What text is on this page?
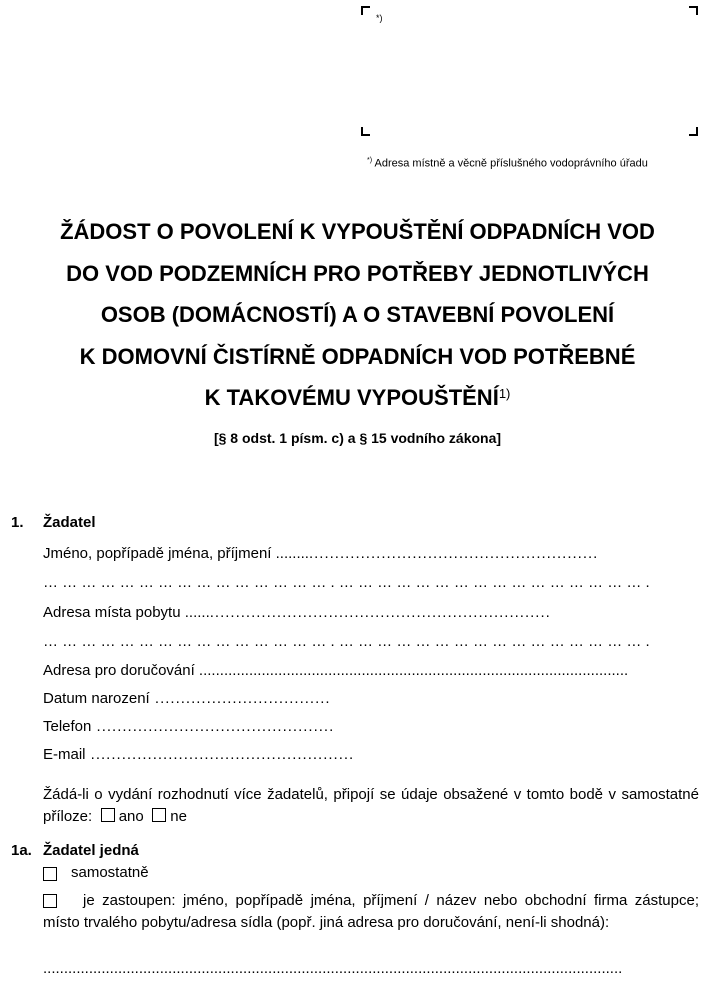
*)
*) Adresa místně a věcně příslušného vodoprávního úřadu
ŽÁDOST O POVOLENÍ K VYPOUŠTĚNÍ ODPADNÍCH VOD
DO VOD PODZEMNÍCH PRO POTŘEBY JEDNOTLIVÝCH
OSOB (DOMÁCNOSTÍ) A O STAVEBNÍ POVOLENÍ
K DOMOVNÍ ČISTÍRNĚ ODPADNÍCH VOD POTŘEBNÉ
K TAKOVÉMU VYPOUŠTĚNÍ$^{1)}$
[§ 8 odst. 1 písm. c) a § 15 vodního zákona]
1. Žadatel
Jméno, popřípadě jména, příjmení ................................................................
… … … … … … … … … … … … … … … . … … … … … … … … … … … … … … … … .
Adresa místa pobytu ........................................................................
… … … … … … … … … … … … … … … . … … … … … … … … … … … … … … … … .
Adresa pro doručování .......................................................................................................
Datum narození ..................................
Telefon ..............................................
E-mail ...................................................
Žádá-li o vydání rozhodnutí více žadatelů, připojí se údaje obsažené v tomto bodě v samostatné příloze: ano ne
1a. Žadatel jedná
samostatně
je zastoupen: jméno, popřípadě jména, příjmení / název nebo obchodní firma zástupce; místo trvalého pobytu/adresa sídla (popř. jiná adresa pro doručování, není-li shodná):
...........................................................................................................................................
